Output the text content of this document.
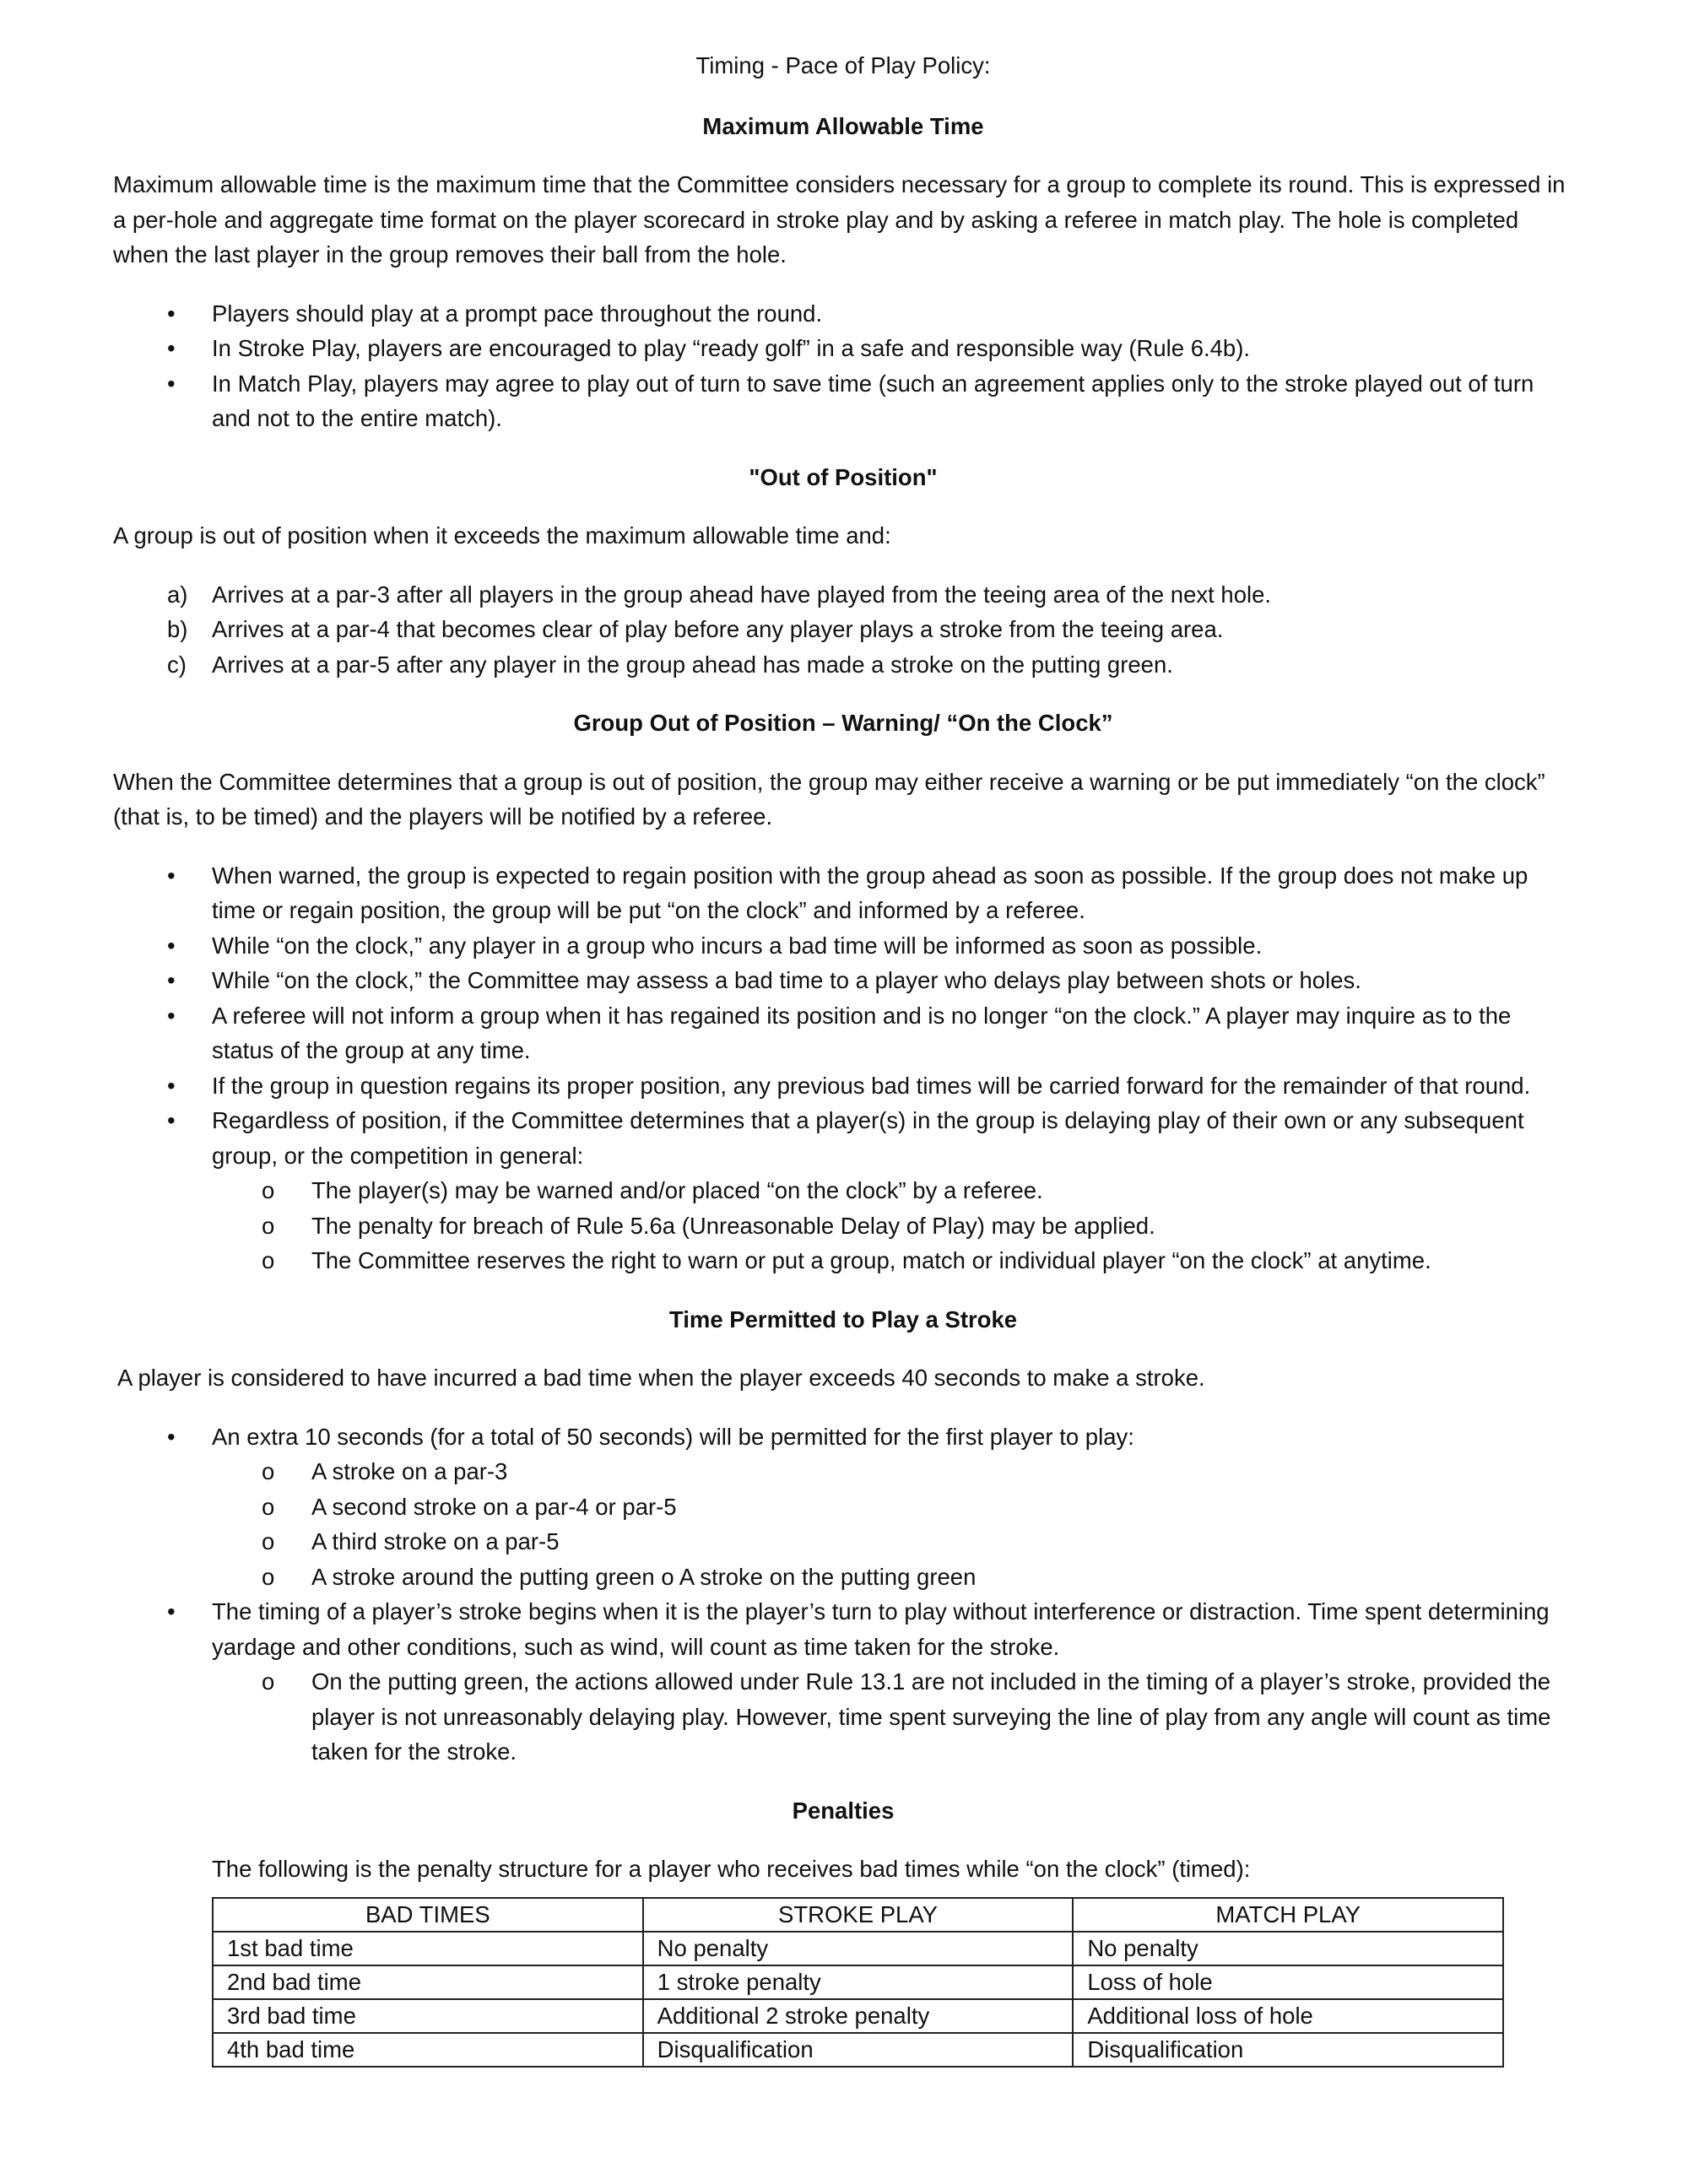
Timing - Pace of Play Policy:
Maximum Allowable Time

Maximum allowable time is the maximum time that the Committee considers necessary for a group to complete its round. This is expressed in a per-hole and aggregate time format on the player scorecard in stroke play and by asking a referee in match play. The hole is completed when the last player in the group removes their ball from the hole.

• Players should play at a prompt pace throughout the round.
• In Stroke Play, players are encouraged to play “ready golf” in a safe and responsible way (Rule 6.4b).
• In Match Play, players may agree to play out of turn to save time (such an agreement applies only to the stroke played out of turn and not to the entire match).
"Out of Position"

A group is out of position when it exceeds the maximum allowable time and:

a) Arrives at a par-3 after all players in the group ahead have played from the teeing area of the next hole.
b) Arrives at a par-4 that becomes clear of play before any player plays a stroke from the teeing area.
c) Arrives at a par-5 after any player in the group ahead has made a stroke on the putting green.
Group Out of Position – Warning/ “On the Clock”

When the Committee determines that a group is out of position, the group may either receive a warning or be put immediately “on the clock” (that is, to be timed) and the players will be notified by a referee.

• When warned, the group is expected to regain position with the group ahead as soon as possible. If the group does not make up time or regain position, the group will be put “on the clock” and informed by a referee.
• While “on the clock,” any player in a group who incurs a bad time will be informed as soon as possible.
• While “on the clock,” the Committee may assess a bad time to a player who delays play between shots or holes.
• A referee will not inform a group when it has regained its position and is no longer “on the clock.” A player may inquire as to the status of the group at any time.
• If the group in question regains its proper position, any previous bad times will be carried forward for the remainder of that round.
• Regardless of position, if the Committee determines that a player(s) in the group is delaying play of their own or any subsequent group, or the competition in general:
o The player(s) may be warned and/or placed “on the clock” by a referee.
o The penalty for breach of Rule 5.6a (Unreasonable Delay of Play) may be applied.
o The Committee reserves the right to warn or put a group, match or individual player “on the clock” at anytime.
Time Permitted to Play a Stroke

A player is considered to have incurred a bad time when the player exceeds 40 seconds to make a stroke.

• An extra 10 seconds (for a total of 50 seconds) will be permitted for the first player to play:
o A stroke on a par-3
o A second stroke on a par-4 or par-5
o A third stroke on a par-5
o A stroke around the putting green o A stroke on the putting green
• The timing of a player’s stroke begins when it is the player’s turn to play without interference or distraction. Time spent determining yardage and other conditions, such as wind, will count as time taken for the stroke.
o On the putting green, the actions allowed under Rule 13.1 are not included in the timing of a player’s stroke, provided the player is not unreasonably delaying play. However, time spent surveying the line of play from any angle will count as time taken for the stroke.
Penalties

The following is the penalty structure for a player who receives bad times while “on the clock” (timed):

BAD TIMES	STROKE PLAY	MATCH PLAY
1st bad time	No penalty	No penalty
2nd bad time	1 stroke penalty	Loss of hole
3rd bad time	Additional 2 stroke penalty	Additional loss of hole
4th bad time	Disqualification	Disqualification
